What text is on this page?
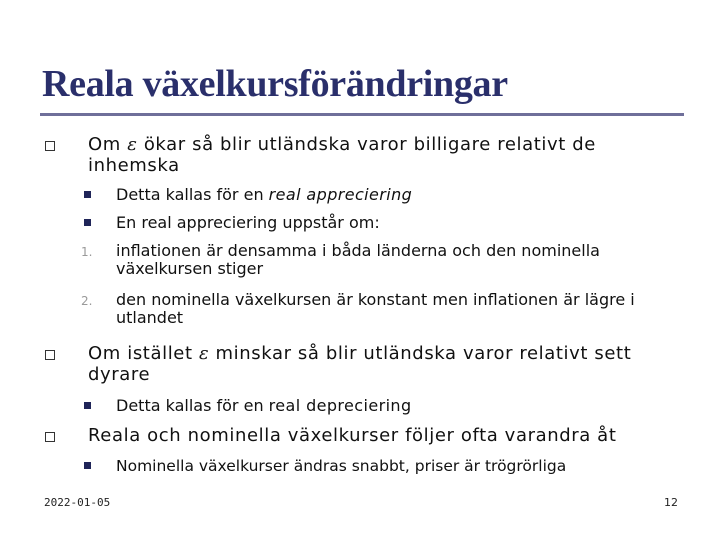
Reala växelkursförändringar
Om ε ökar så blir utländska varor billigare relativt de inhemska
Detta kallas för en real appreciering
En real appreciering uppstår om:
1. inflationen är densamma i båda länderna och den nominella växelkursen stiger
2. den nominella växelkursen är konstant men inflationen är lägre i utlandet
Om istället ε minskar så blir utländska varor relativt sett dyrare
Detta kallas för en real depreciering
Reala och nominella växelkurser följer ofta varandra åt
Nominella växelkurser ändras snabbt, priser är trögrörliga
2022-01-05	12
